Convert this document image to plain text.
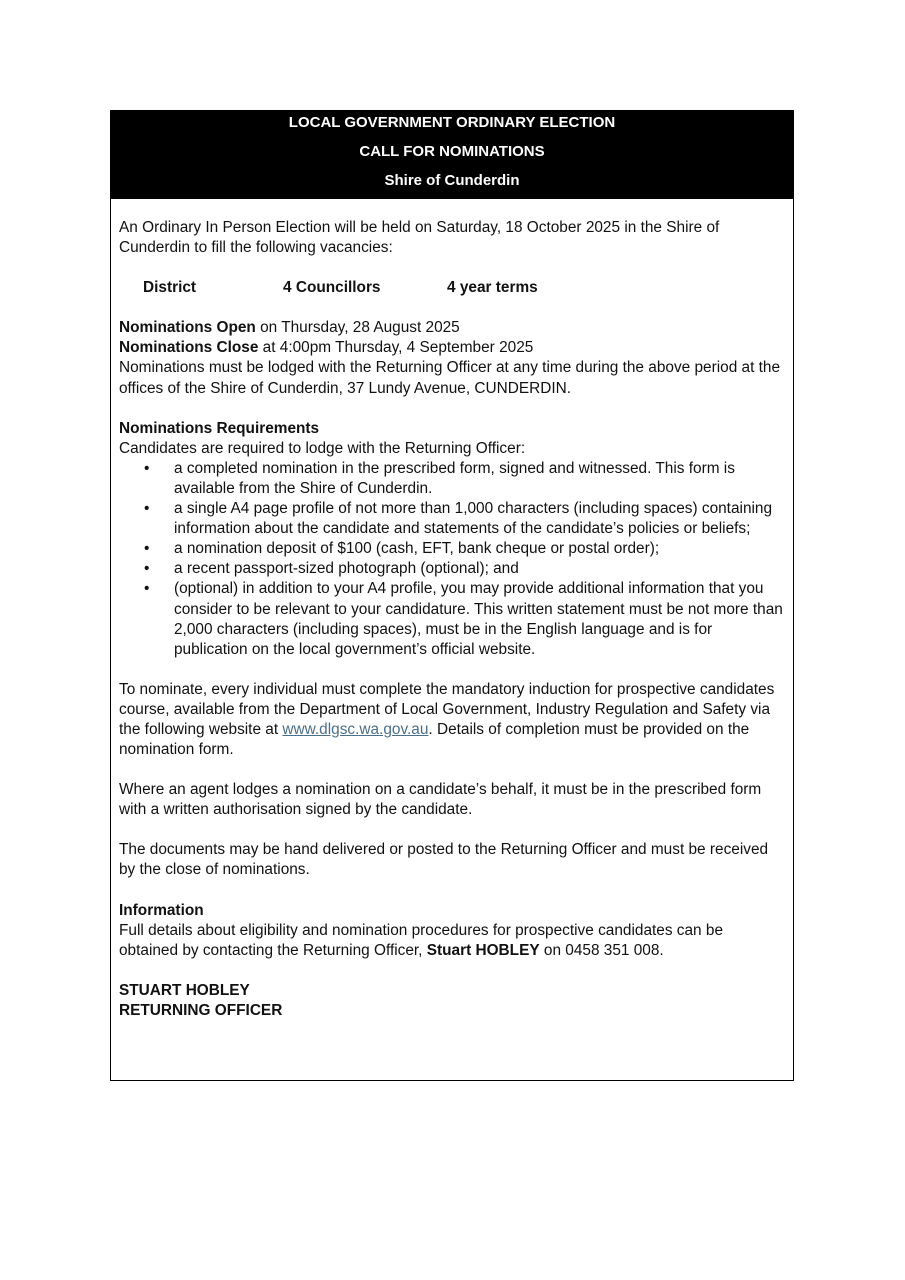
LOCAL GOVERNMENT ORDINARY ELECTION
CALL FOR NOMINATIONS
Shire of Cunderdin

An Ordinary In Person Election will be held on Saturday, 18 October 2025 in the Shire of Cunderdin to fill the following vacancies:

District	4 Councillors	4 year terms

Nominations Open on Thursday, 28 August 2025

Nominations Close at 4:00pm Thursday, 4 September 2025

Nominations must be lodged with the Returning Officer at any time during the above period at the offices of the Shire of Cunderdin, 37 Lundy Avenue, CUNDERDIN.

Nominations Requirements

Candidates are required to lodge with the Returning Officer:

• a completed nomination in the prescribed form, signed and witnessed. This form is available from the Shire of Cunderdin.
• a single A4 page profile of not more than 1,000 characters (including spaces) containing information about the candidate and statements of the candidate’s policies or beliefs;
• a nomination deposit of $100 (cash, EFT, bank cheque or postal order);
• a recent passport-sized photograph (optional); and
• (optional) in addition to your A4 profile, you may provide additional information that you consider to be relevant to your candidature. This written statement must be not more than 2,000 characters (including spaces), must be in the English language and is for publication on the local government’s official website.

To nominate, every individual must complete the mandatory induction for prospective candidates course, available from the Department of Local Government, Industry Regulation and Safety via the following website at www.dlgsc.wa.gov.au. Details of completion must be provided on the nomination form.

Where an agent lodges a nomination on a candidate’s behalf, it must be in the prescribed form with a written authorisation signed by the candidate.

The documents may be hand delivered or posted to the Returning Officer and must be received by the close of nominations.

Information

Full details about eligibility and nomination procedures for prospective candidates can be obtained by contacting the Returning Officer, Stuart HOBLEY on 0458 351 008.

STUART HOBLEY

RETURNING OFFICER
